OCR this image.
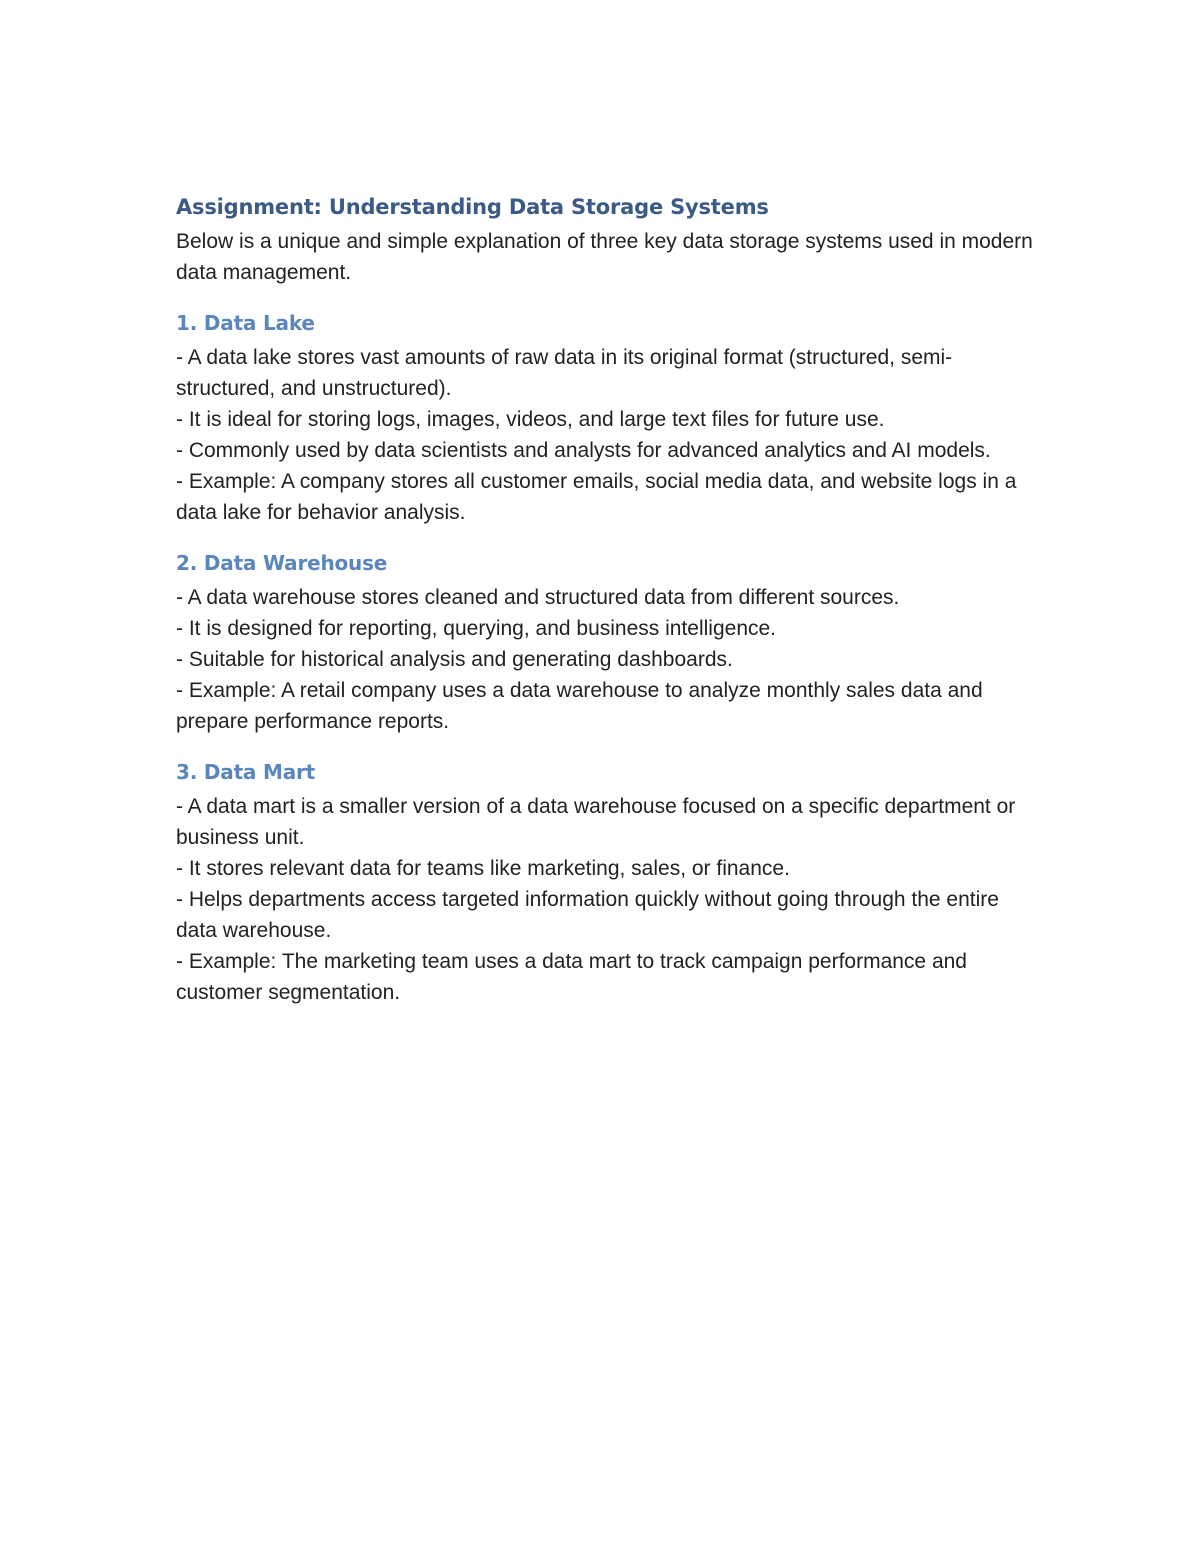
Assignment: Understanding Data Storage Systems

Below is a unique and simple explanation of three key data storage systems used in modern data management.

1. Data Lake
- A data lake stores vast amounts of raw data in its original format (structured, semi-structured, and unstructured).
- It is ideal for storing logs, images, videos, and large text files for future use.
- Commonly used by data scientists and analysts for advanced analytics and AI models.
- Example: A company stores all customer emails, social media data, and website logs in a data lake for behavior analysis.
2. Data Warehouse
- A data warehouse stores cleaned and structured data from different sources.
- It is designed for reporting, querying, and business intelligence.
- Suitable for historical analysis and generating dashboards.
- Example: A retail company uses a data warehouse to analyze monthly sales data and prepare performance reports.
3. Data Mart
- A data mart is a smaller version of a data warehouse focused on a specific department or business unit.
- It stores relevant data for teams like marketing, sales, or finance.
- Helps departments access targeted information quickly without going through the entire data warehouse.
- Example: The marketing team uses a data mart to track campaign performance and customer segmentation.
